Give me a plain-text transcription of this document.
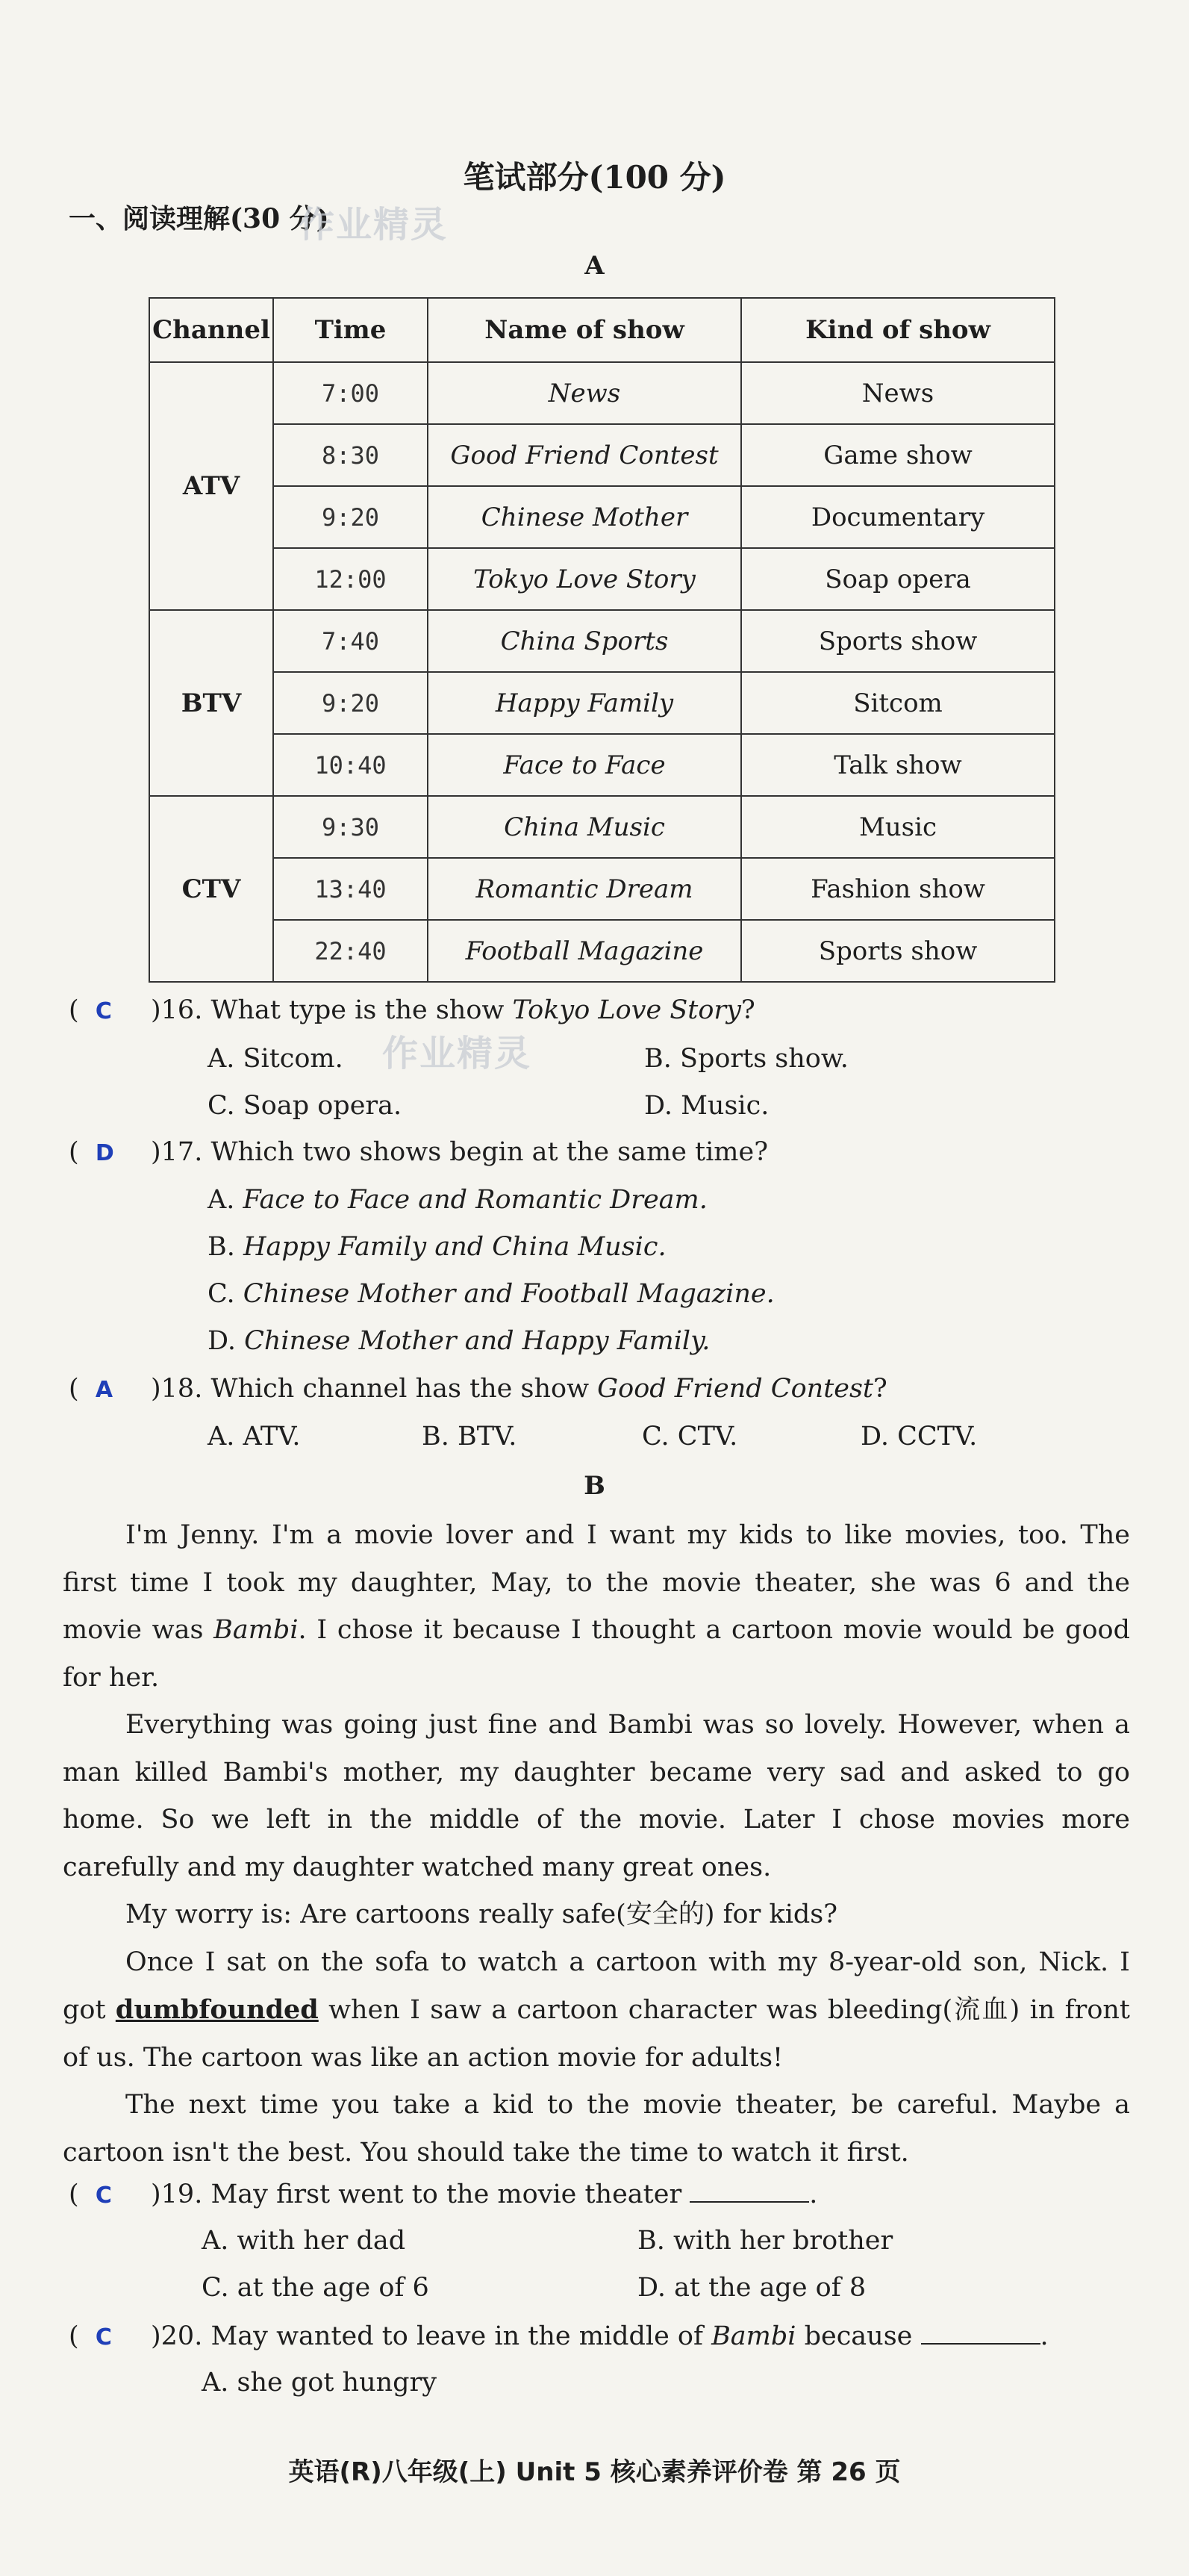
笔试部分(100 分)
一、阅读理解(30 分)
作业精灵
作业精灵
A
Channel	Time	Name of show	Kind of show
ATV	7:00	News	News
	8:30	Good Friend Contest	Game show
	9:20	Chinese Mother	Documentary
	12:00	Tokyo Love Story	Soap opera
BTV	7:40	China Sports	Sports show
	9:20	Happy Family	Sitcom
	10:40	Face to Face	Talk show
CTV	9:30	China Music	Music
	13:40	Romantic Dream	Fashion show
	22:40	Football Magazine	Sports show
(  C )16. What type is the show Tokyo Love Story?
A. Sitcom.	B. Sports show.
C. Soap opera.	D. Music.
(  D )17. Which two shows begin at the same time?
A. Face to Face and Romantic Dream.
B. Happy Family and China Music.
C. Chinese Mother and Football Magazine.
D. Chinese Mother and Happy Family.
(  A )18. Which channel has the show Good Friend Contest?
A. ATV.	B. BTV.	C. CTV.	D. CCTV.
B

I'm Jenny. I'm a movie lover and I want my kids to like movies, too. The first time I took my daughter, May, to the movie theater, she was 6 and the movie was Bambi. I chose it because I thought a cartoon movie would be good for her.

Everything was going just fine and Bambi was so lovely. However, when a man killed Bambi's mother, my daughter became very sad and asked to go home. So we left in the middle of the movie. Later I chose movies more carefully and my daughter watched many great ones.

My worry is: Are cartoons really safe(安全的) for kids?

Once I sat on the sofa to watch a cartoon with my 8-year-old son, Nick. I got dumbfounded when I saw a cartoon character was bleeding(流血) in front of us. The cartoon was like an action movie for adults!

The next time you take a kid to the movie theater, be careful. Maybe a cartoon isn't the best. You should take the time to watch it first.

(  C )19. May first went to the movie theater	.
A. with her dad	B. with her brother
C. at the age of 6	D. at the age of 8
(  C )20. May wanted to leave in the middle of Bambi because	.
A. she got hungry
英语(R)八年级(上) Unit 5 核心素养评价卷 第 26 页
